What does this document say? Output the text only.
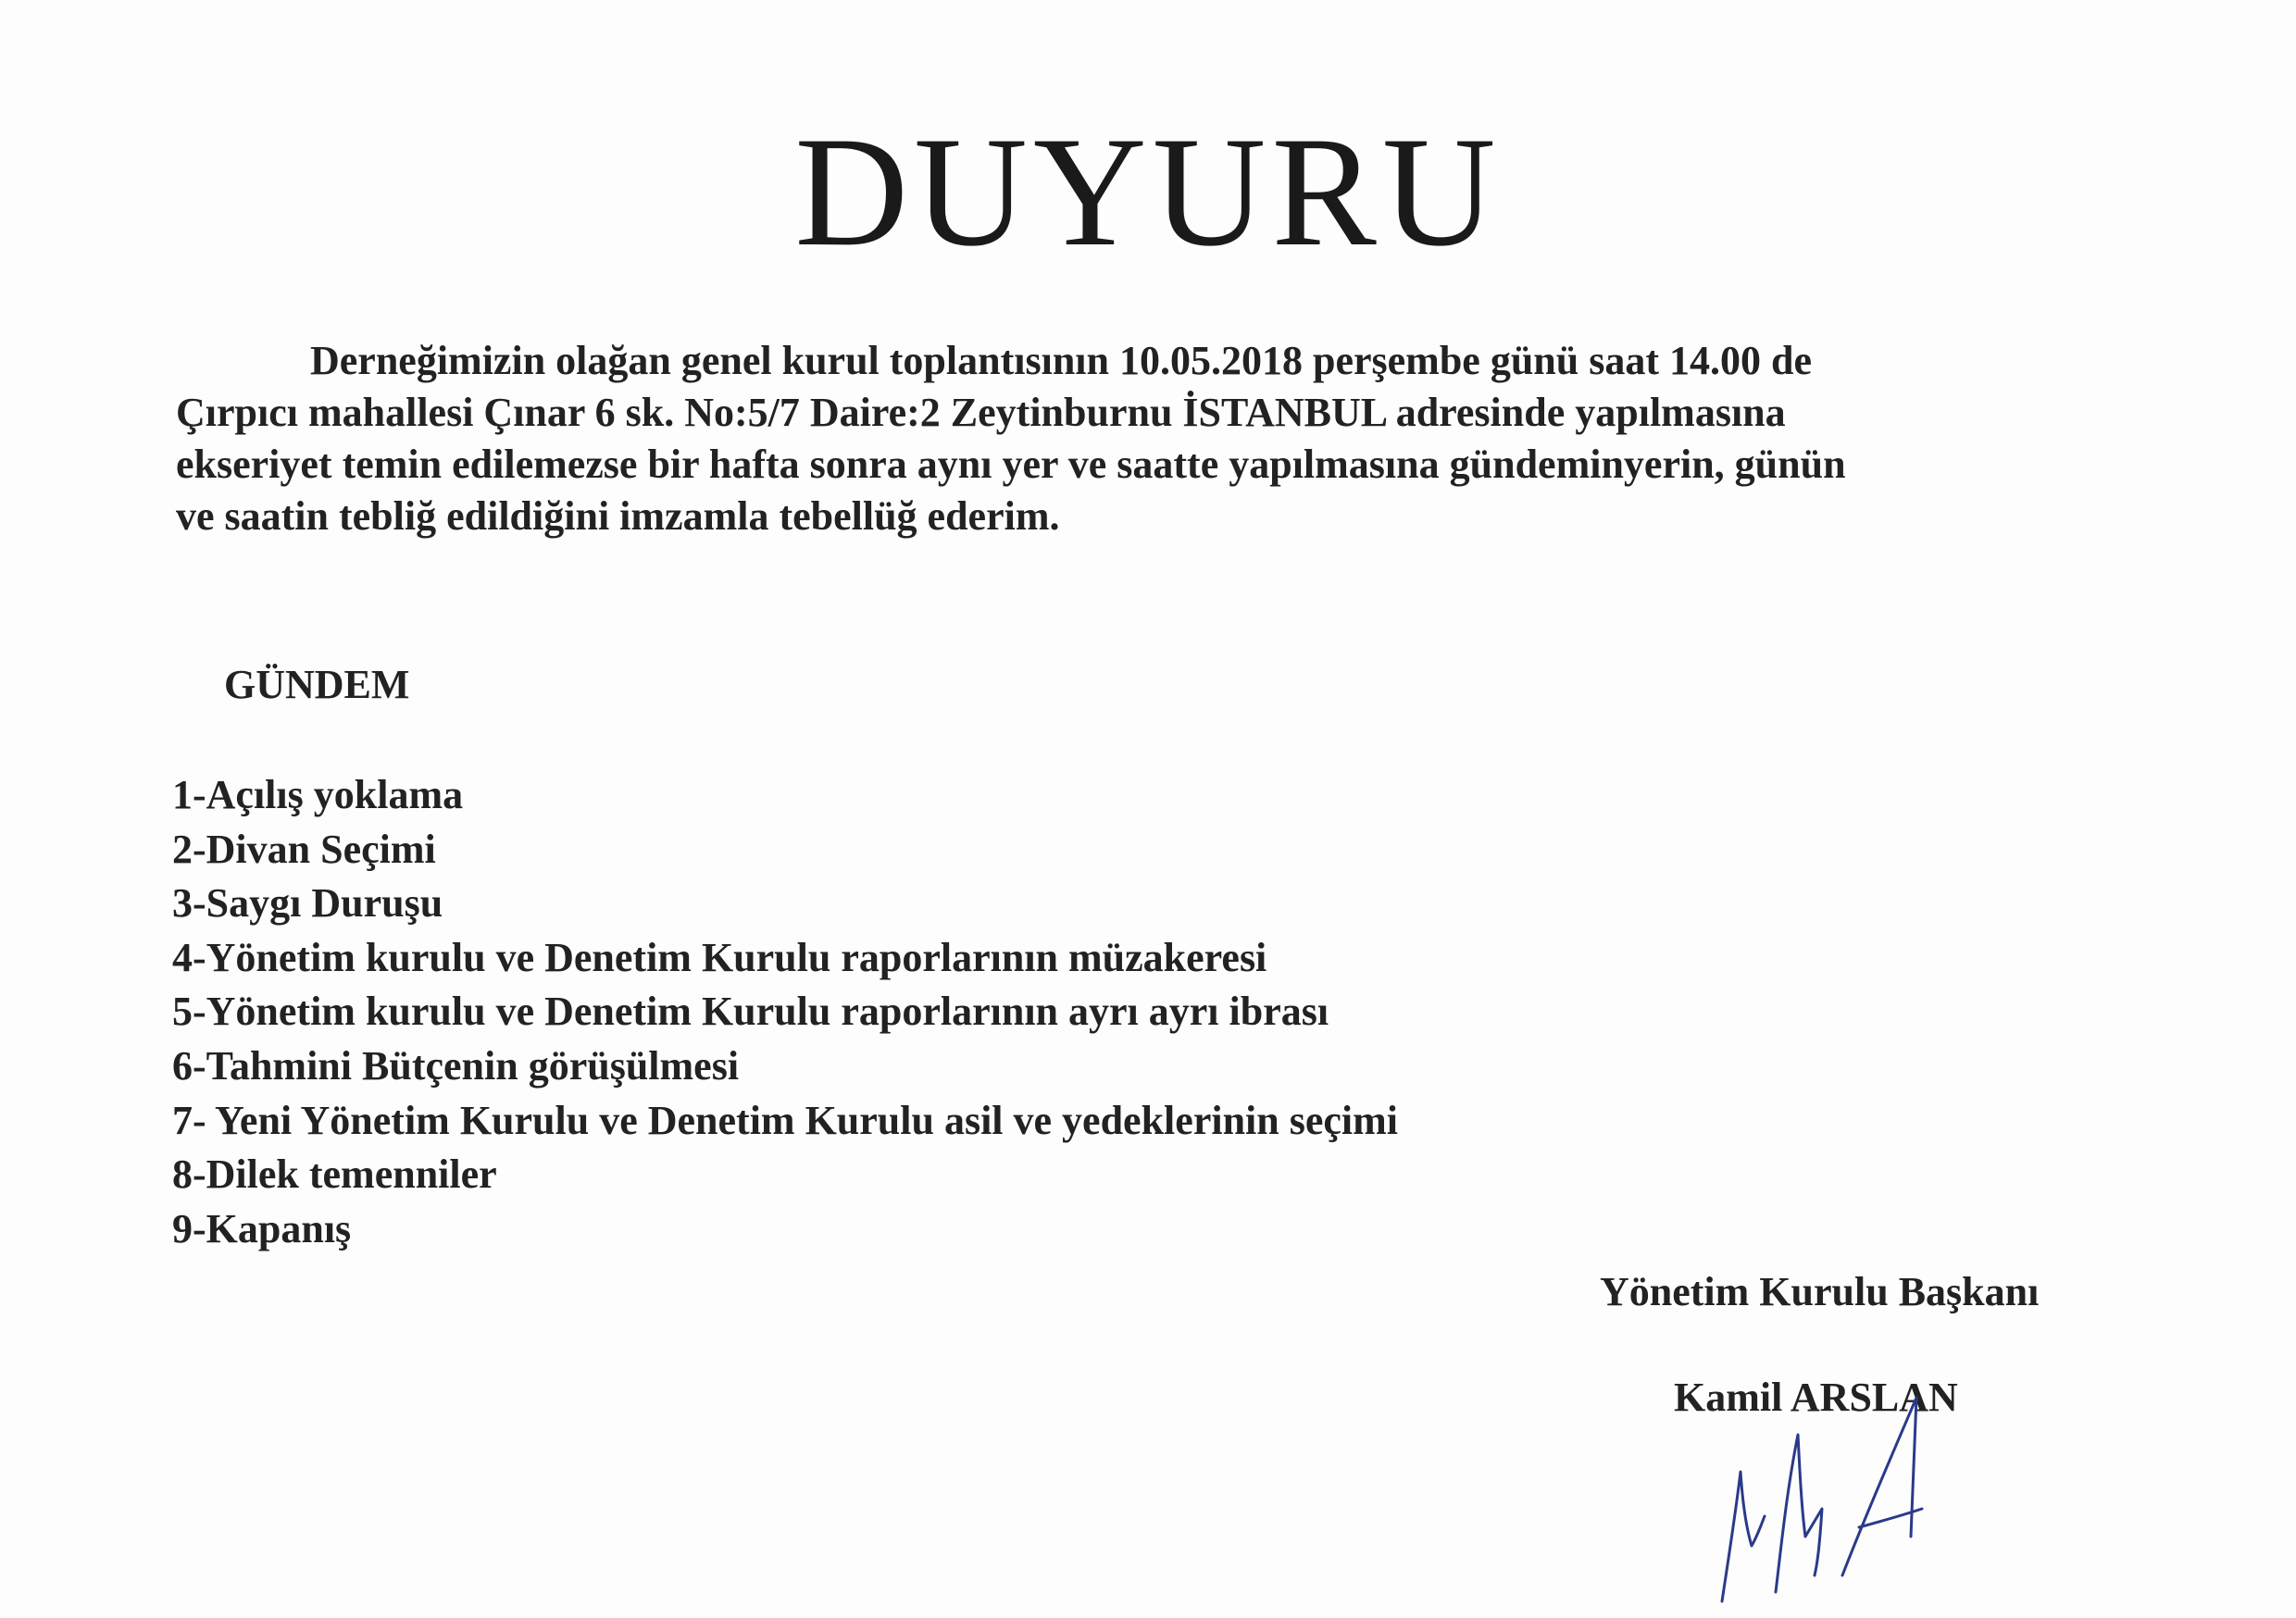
DUYURU
Derneğimizin olağan genel kurul toplantısının 10.05.2018 perşembe günü saat 14.00 de
Çırpıcı mahallesi Çınar 6 sk. No:5/7 Daire:2 Zeytinburnu İSTANBUL adresinde yapılmasına
ekseriyet temin edilemezse bir hafta sonra aynı yer ve saatte yapılmasına gündeminyerin, günün
ve saatin tebliğ edildiğini imzamla tebellüğ ederim.
GÜNDEM
1-Açılış yoklama
2-Divan Seçimi
3-Saygı Duruşu
4-Yönetim kurulu ve Denetim Kurulu raporlarının müzakeresi
5-Yönetim kurulu ve Denetim Kurulu raporlarının ayrı ayrı ibrası
6-Tahmini Bütçenin görüşülmesi
7- Yeni Yönetim Kurulu ve Denetim Kurulu asil ve yedeklerinin seçimi
8-Dilek temenniler
9-Kapanış
Yönetim Kurulu Başkanı
Kamil ARSLAN
